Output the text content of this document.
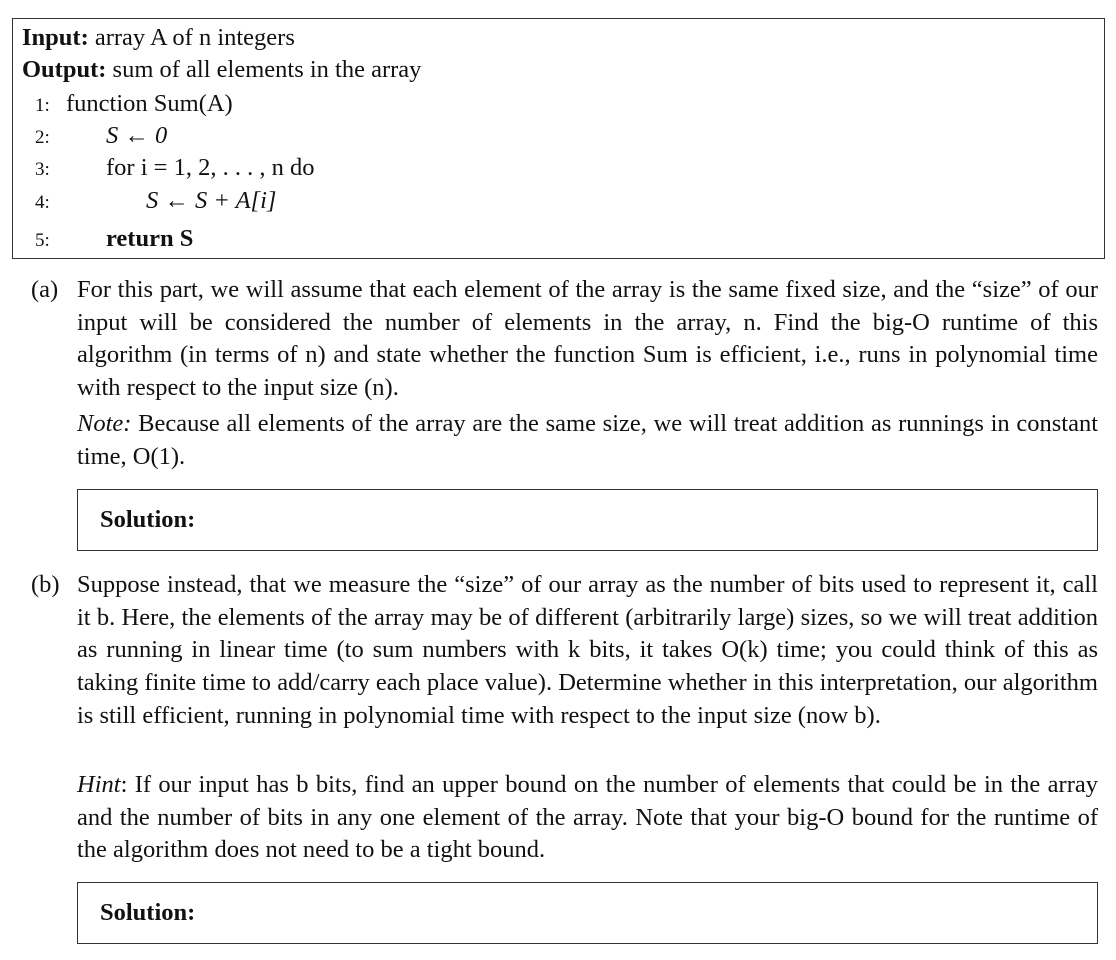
Input: array A of n integers
Output: sum of all elements in the array
1: function Sum(A)
2:	S ← 0
3:	for i = 1, 2, . . . , n do
4:	S ← S + A[i]
5:	return S
(a) For this part, we will assume that each element of the array is the same fixed size, and the “size” of our input will be considered the number of elements in the array, n. Find the big-O runtime of this algorithm (in terms of n) and state whether the function Sum is efficient, i.e., runs in polynomial time with respect to the input size (n).
Note: Because all elements of the array are the same size, we will treat addition as runnings in constant time, O(1).
Solution:
(b) Suppose instead, that we measure the “size” of our array as the number of bits used to represent it, call it b. Here, the elements of the array may be of different (arbitrarily large) sizes, so we will treat addition as running in linear time (to sum numbers with k bits, it takes O(k) time; you could think of this as taking finite time to add/carry each place value). Determine whether in this interpretation, our algorithm is still efficient, running in polynomial time with respect to the input size (now b).
Hint: If our input has b bits, find an upper bound on the number of elements that could be in the array and the number of bits in any one element of the array. Note that your big-O bound for the runtime of the algorithm does not need to be a tight bound.
Solution:
